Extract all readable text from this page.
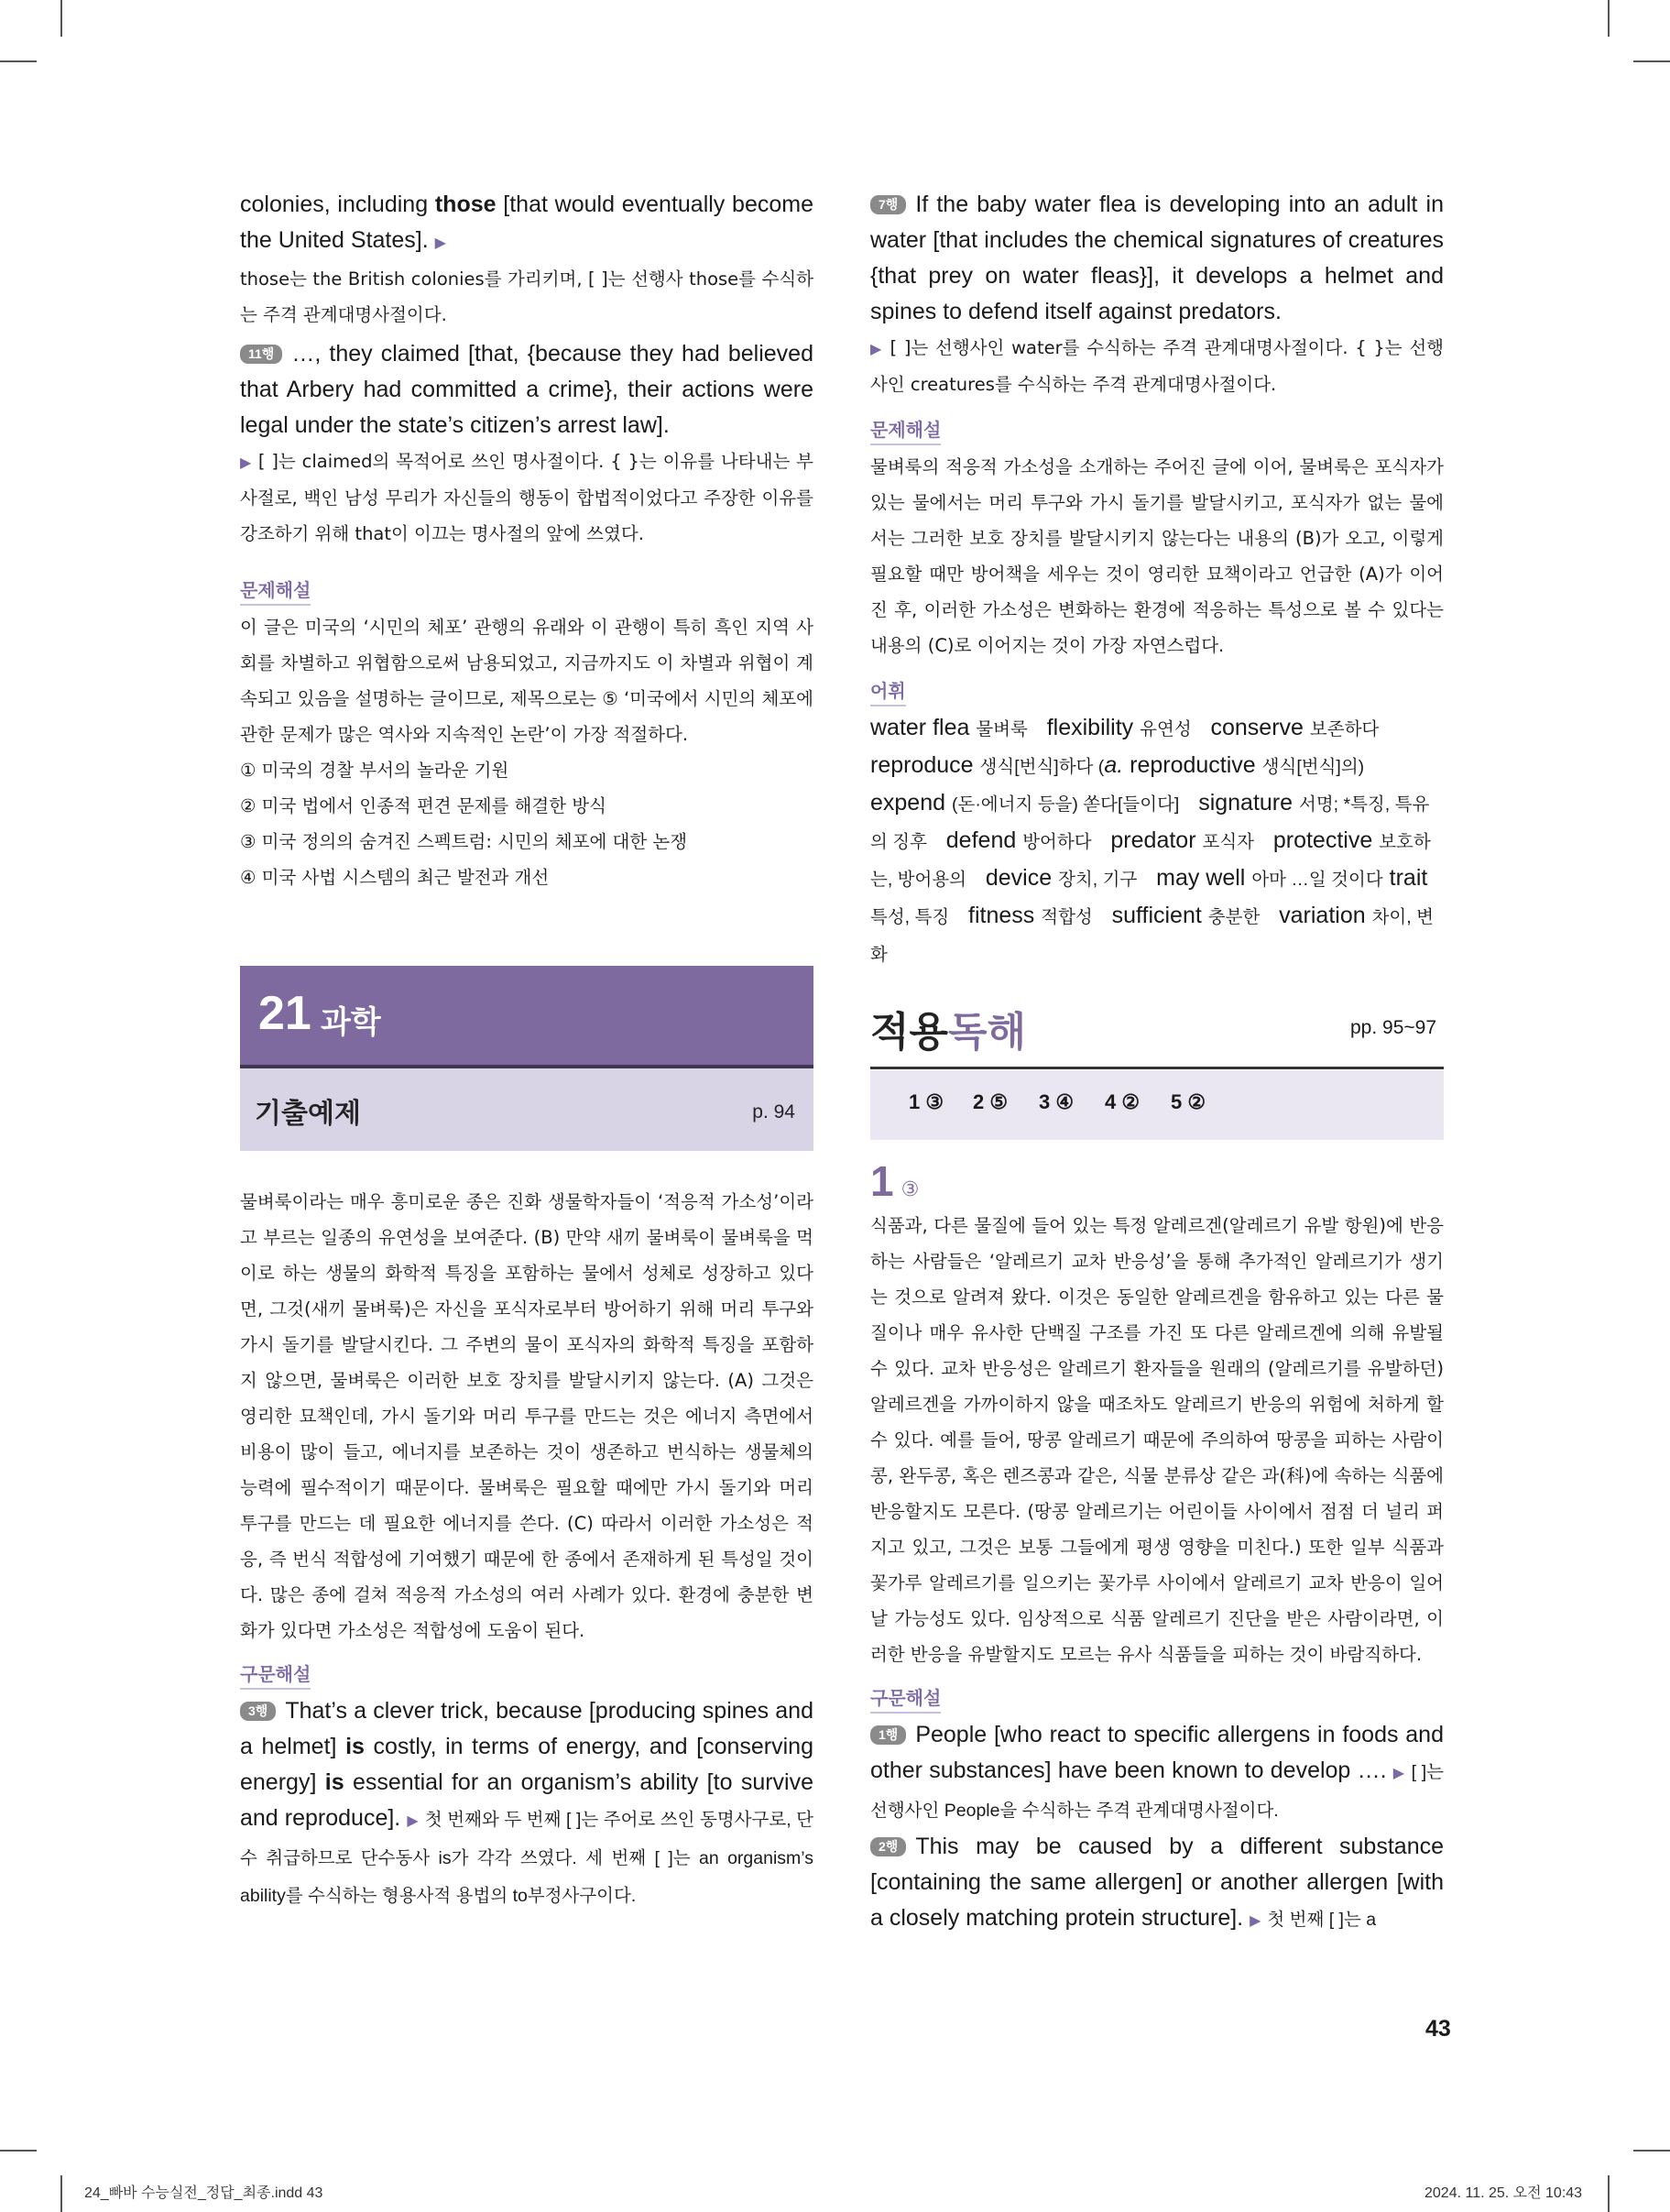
colonies, including those [that would eventually become the United States]. ▶

those는 the British colonies를 가리키며, [ ]는 선행사 those를 수식하는 주격 관계대명사절이다.

11행 …, they claimed [that, {because they had believed that Arbery had committed a crime}, their actions were legal under the state’s citizen’s arrest law].

▶ [ ]는 claimed의 목적어로 쓰인 명사절이다. { }는 이유를 나타내는 부사절로, 백인 남성 무리가 자신들의 행동이 합법적이었다고 주장한 이유를 강조하기 위해 that이 이끄는 명사절의 앞에 쓰였다.

문제해설

이 글은 미국의 ‘시민의 체포’ 관행의 유래와 이 관행이 특히 흑인 지역 사회를 차별하고 위협함으로써 남용되었고, 지금까지도 이 차별과 위협이 계속되고 있음을 설명하는 글이므로, 제목으로는 ⑤ ‘미국에서 시민의 체포에 관한 문제가 많은 역사와 지속적인 논란’이 가장 적절하다.

① 미국의 경찰 부서의 놀라운 기원

② 미국 법에서 인종적 편견 문제를 해결한 방식

③ 미국 정의의 숨겨진 스펙트럼: 시민의 체포에 대한 논쟁

④ 미국 사법 시스템의 최근 발전과 개선

21 과학
기출예제	p. 94

물벼룩이라는 매우 흥미로운 종은 진화 생물학자들이 ‘적응적 가소성’이라고 부르는 일종의 유연성을 보여준다. (B) 만약 새끼 물벼룩이 물벼룩을 먹이로 하는 생물의 화학적 특징을 포함하는 물에서 성체로 성장하고 있다면, 그것(새끼 물벼룩)은 자신을 포식자로부터 방어하기 위해 머리 투구와 가시 돌기를 발달시킨다. 그 주변의 물이 포식자의 화학적 특징을 포함하지 않으면, 물벼룩은 이러한 보호 장치를 발달시키지 않는다. (A) 그것은 영리한 묘책인데, 가시 돌기와 머리 투구를 만드는 것은 에너지 측면에서 비용이 많이 들고, 에너지를 보존하는 것이 생존하고 번식하는 생물체의 능력에 필수적이기 때문이다. 물벼룩은 필요할 때에만 가시 돌기와 머리 투구를 만드는 데 필요한 에너지를 쓴다. (C) 따라서 이러한 가소성은 적응, 즉 번식 적합성에 기여했기 때문에 한 종에서 존재하게 된 특성일 것이다. 많은 종에 걸쳐 적응적 가소성의 여러 사례가 있다. 환경에 충분한 변화가 있다면 가소성은 적합성에 도움이 된다.

구문해설

3행 That’s a clever trick, because [producing spines and a helmet] is costly, in terms of energy, and [conserving energy] is essential for an organism’s ability [to survive and reproduce]. ▶ 첫 번째와 두 번째 [ ]는 주어로 쓰인 동명사구로, 단수 취급하므로 단수동사 is가 각각 쓰였다. 세 번째 [ ]는 an organism’s ability를 수식하는 형용사적 용법의 to부정사구이다.

7행 If the baby water flea is developing into an adult in water [that includes the chemical signatures of creatures {that prey on water fleas}], it develops a helmet and spines to defend itself against predators.

▶ [ ]는 선행사인 water를 수식하는 주격 관계대명사절이다. { }는 선행사인 creatures를 수식하는 주격 관계대명사절이다.

문제해설

물벼룩의 적응적 가소성을 소개하는 주어진 글에 이어, 물벼룩은 포식자가 있는 물에서는 머리 투구와 가시 돌기를 발달시키고, 포식자가 없는 물에서는 그러한 보호 장치를 발달시키지 않는다는 내용의 (B)가 오고, 이렇게 필요할 때만 방어책을 세우는 것이 영리한 묘책이라고 언급한 (A)가 이어진 후, 이러한 가소성은 변화하는 환경에 적응하는 특성으로 볼 수 있다는 내용의 (C)로 이어지는 것이 가장 자연스럽다.

어휘

water flea 물벼룩 flexibility 유연성 conserve 보존하다 reproduce 생식[번식]하다 (a. reproductive 생식[번식]의) expend (돈·에너지 등을) 쏟다[들이다] signature 서명; *특징, 특유의 징후 defend 방어하다 predator 포식자 protective 보호하는, 방어용의 device 장치, 기구 may well 아마 …일 것이다 trait 특성, 특징 fitness 적합성 sufficient 충분한 variation 차이, 변화

적용독해	pp. 95~97
1 ③ 2 ⑤ 3 ④ 4 ② 5 ②
1 ③

식품과, 다른 물질에 들어 있는 특정 알레르겐(알레르기 유발 항원)에 반응하는 사람들은 ‘알레르기 교차 반응성’을 통해 추가적인 알레르기가 생기는 것으로 알려져 왔다. 이것은 동일한 알레르겐을 함유하고 있는 다른 물질이나 매우 유사한 단백질 구조를 가진 또 다른 알레르겐에 의해 유발될 수 있다. 교차 반응성은 알레르기 환자들을 원래의 (알레르기를 유발하던) 알레르겐을 가까이하지 않을 때조차도 알레르기 반응의 위험에 처하게 할 수 있다. 예를 들어, 땅콩 알레르기 때문에 주의하여 땅콩을 피하는 사람이 콩, 완두콩, 혹은 렌즈콩과 같은, 식물 분류상 같은 과(科)에 속하는 식품에 반응할지도 모른다. (땅콩 알레르기는 어린이들 사이에서 점점 더 널리 퍼지고 있고, 그것은 보통 그들에게 평생 영향을 미친다.) 또한 일부 식품과 꽃가루 알레르기를 일으키는 꽃가루 사이에서 알레르기 교차 반응이 일어날 가능성도 있다. 임상적으로 식품 알레르기 진단을 받은 사람이라면, 이러한 반응을 유발할지도 모르는 유사 식품들을 피하는 것이 바람직하다.

구문해설

1행 People [who react to specific allergens in foods and other substances] have been known to develop …. ▶ [ ]는 선행사인 People을 수식하는 주격 관계대명사절이다.

2행 This may be caused by a different substance [containing the same allergen] or another allergen [with a closely matching protein structure]. ▶ 첫 번째 [ ]는 a

43
24_빠바 수능실전_정답_최종.indd 43	2024. 11. 25. 오전 10:43
